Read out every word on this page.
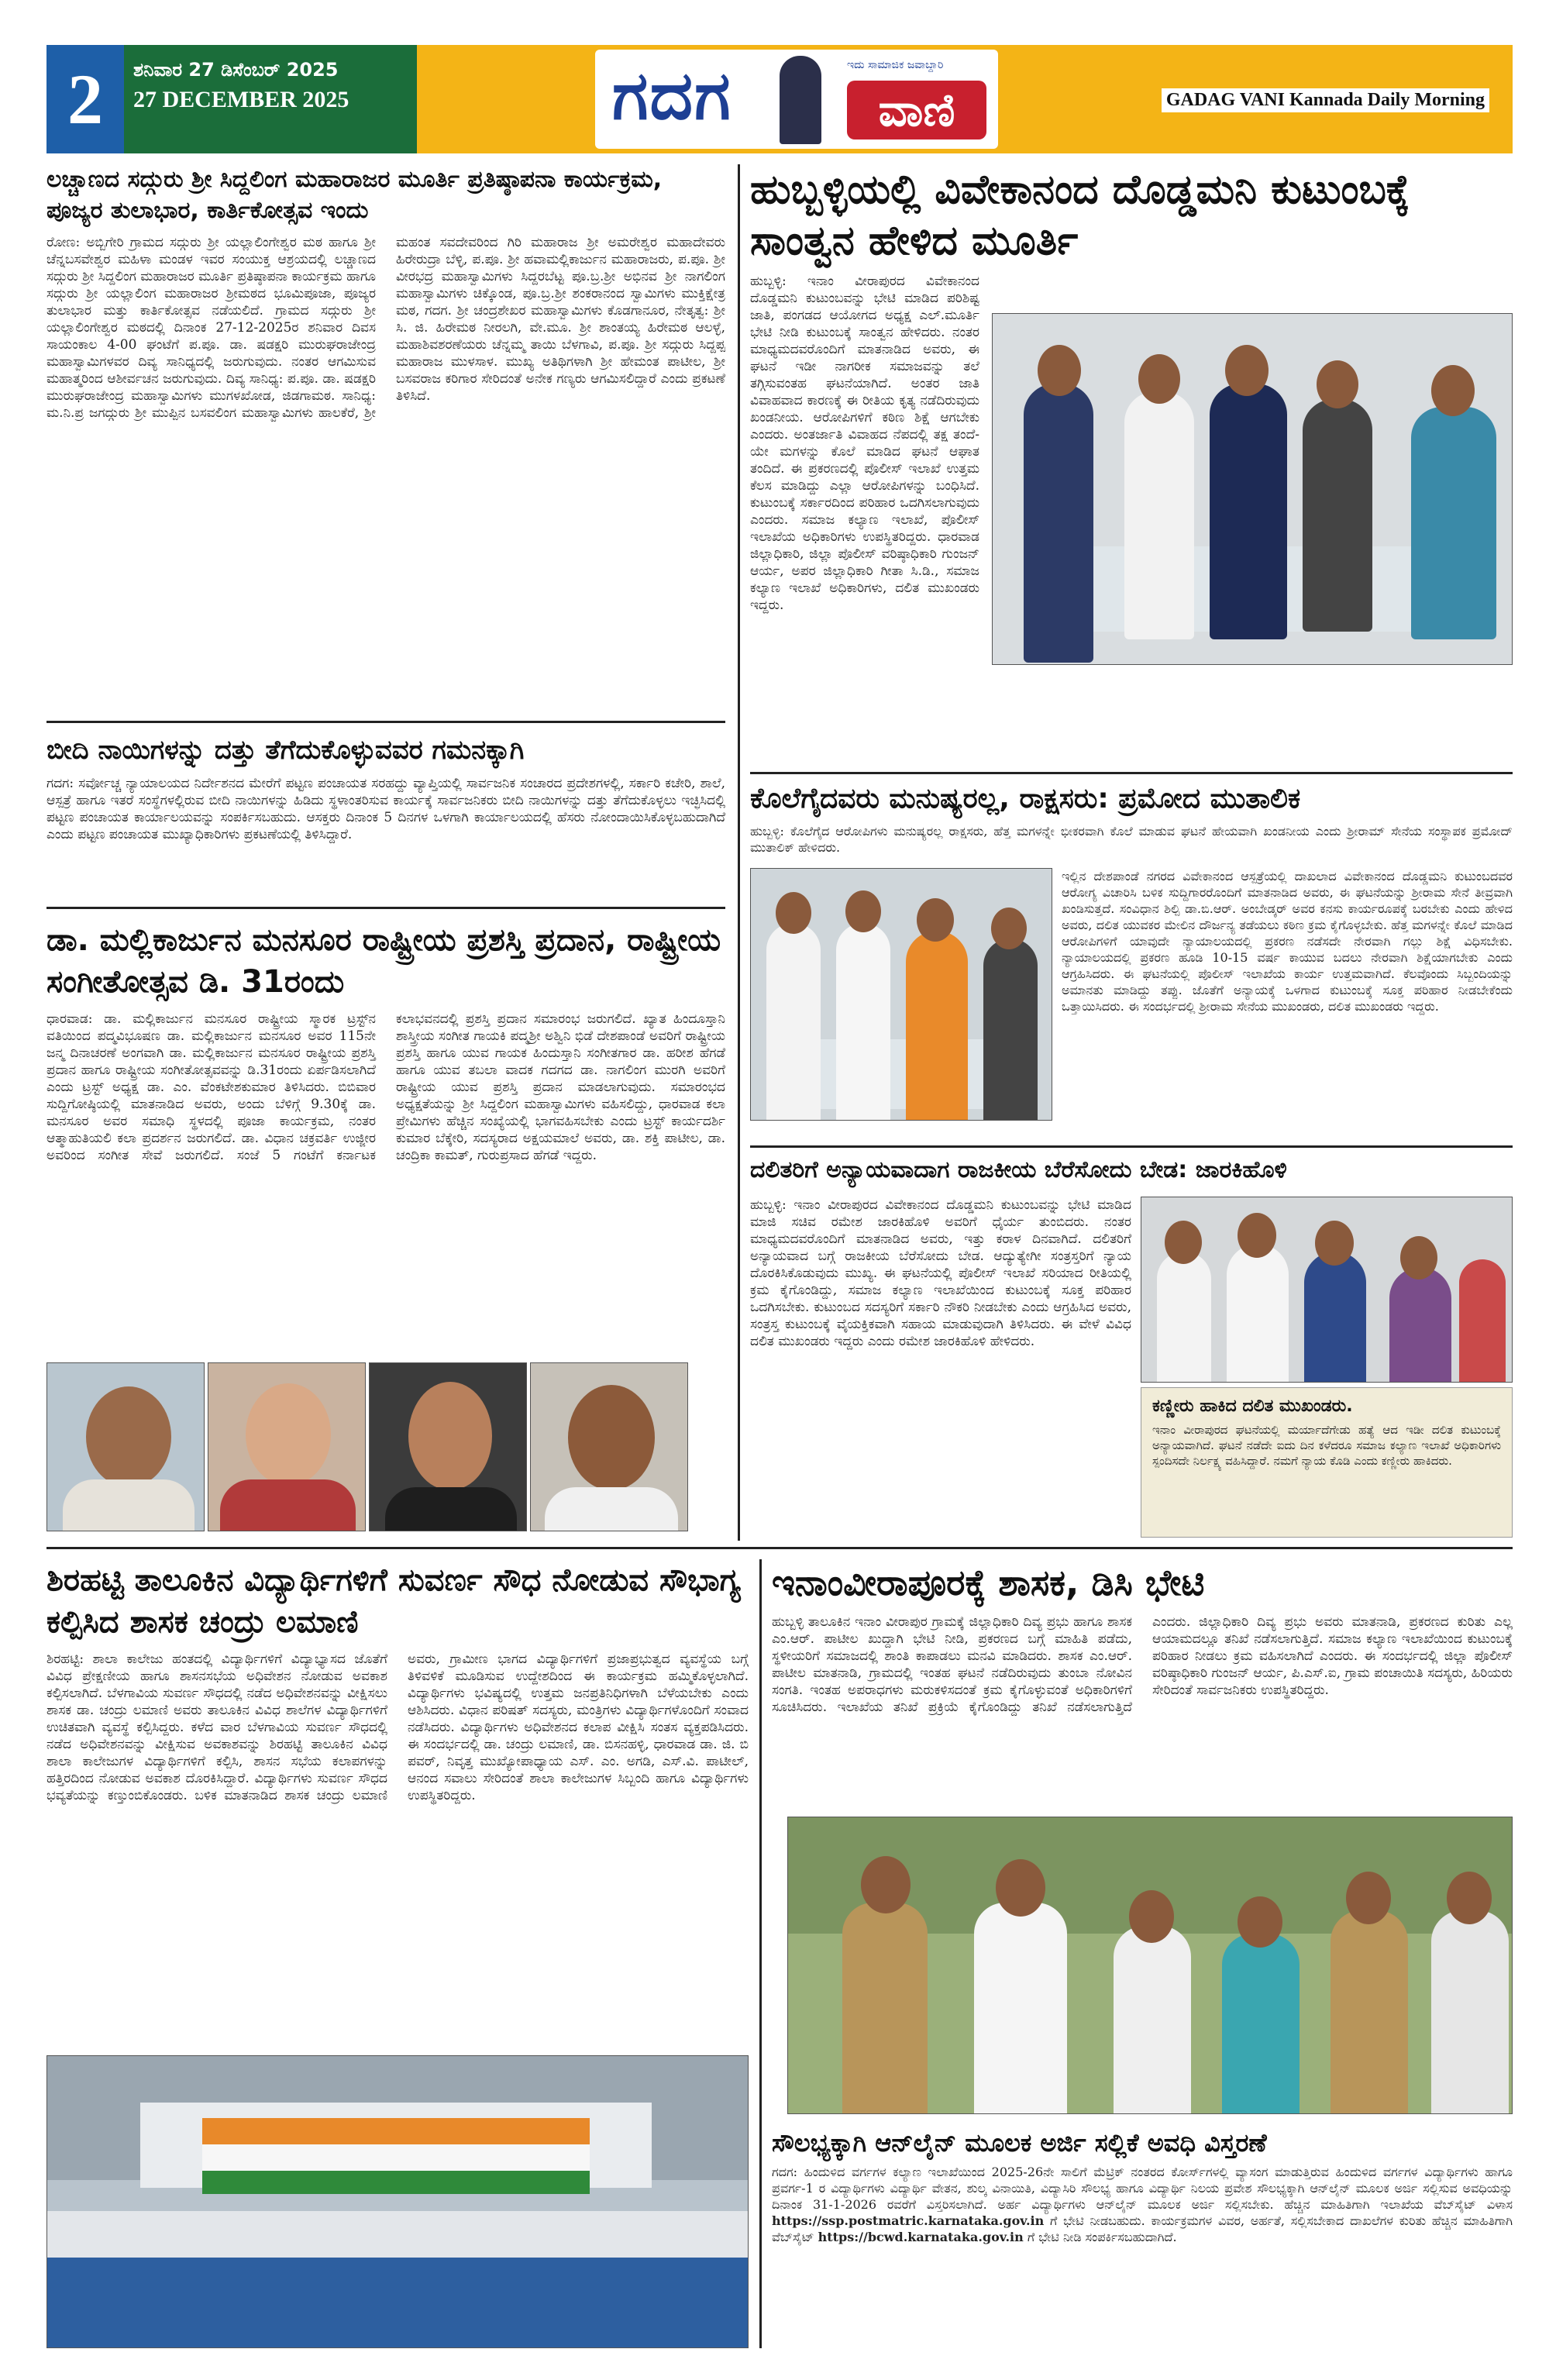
2	ಶನಿವಾರ 27 ಡಿಸೆಂಬರ್ 2025
27 DECEMBER 2025	ಗದಗ	ಇದು ಸಾಮಾಜಿಕ ಜವಾಬ್ದಾರಿ
ವಾಣಿ	GADAG VANI Kannada Daily Morning
ಲಚ್ಚಾಣದ ಸದ್ಗುರು ಶ್ರೀ ಸಿದ್ದಲಿಂಗ ಮಹಾರಾಜರ ಮೂರ್ತಿ ಪ್ರತಿಷ್ಠಾಪನಾ ಕಾರ್ಯಕ್ರಮ, ಪೂಜ್ಯರ ತುಲಾಭಾರ, ಕಾರ್ತಿಕೋತ್ಸವ ಇಂದು
ರೋಣ: ಅಬ್ಬಿಗೇರಿ ಗ್ರಾಮದ ಸದ್ಗುರು ಶ್ರೀ ಯಲ್ಲಾಲಿಂಗೇಶ್ವರ ಮಠ ಹಾಗೂ ಶ್ರೀ ಚೆನ್ನಬಸವೇಶ್ವರ ಮಹಿಳಾ ಮಂಡಳ ಇವರ ಸಂಯುಕ್ತ ಆಶ್ರಯದಲ್ಲಿ ಲಚ್ಚಾಣದ ಸದ್ಗುರು ಶ್ರೀ ಸಿದ್ದಲಿಂಗ ಮಹಾರಾಜರ ಮೂರ್ತಿ ಪ್ರತಿಷ್ಠಾಪನಾ ಕಾರ್ಯಕ್ರಮ ಹಾಗೂ ಸದ್ಗುರು ಶ್ರೀ ಯಲ್ಲಾಲಿಂಗ ಮಹಾರಾಜರ ಶ್ರೀಮಠದ ಭೂಮಿಪೂಜಾ, ಪೂಜ್ಯರ ತುಲಾಭಾರ ಮತ್ತು ಕಾರ್ತಿಕೋತ್ಸವ ನಡೆಯಲಿದೆ. ಗ್ರಾಮದ ಸದ್ಗುರು ಶ್ರೀ ಯಲ್ಲಾಲಿಂಗೇಶ್ವರ ಮಠದಲ್ಲಿ ದಿನಾಂಕ 27-12-2025ರ ಶನಿವಾರ ದಿವಸ ಸಾಯಂಕಾಲ 4-00 ಘಂಟೆಗೆ ಪ.ಪೂ. ಡಾ. ಷಡಕ್ಷರಿ ಮುರುಘರಾಜೇಂದ್ರ ಮಹಾಸ್ವಾಮಿಗಳವರ ದಿವ್ಯ ಸಾನಿಧ್ಯದಲ್ಲಿ ಜರುಗುವುದು. ನಂತರ ಆಗಮಿಸುವ ಮಹಾತ್ಮರಿಂದ ಆಶೀರ್ವಚನ ಜರುಗುವುದು. ದಿವ್ಯ ಸಾನಿಧ್ಯ: ಪ.ಪೂ. ಡಾ. ಷಡಕ್ಷರಿ ಮುರುಘರಾಜೇಂದ್ರ ಮಹಾಸ್ವಾಮಿಗಳು ಮುಗಳಖೋಡ, ಜಿಡಗಾಮಠ. ಸಾನಿಧ್ಯ: ಮ.ನಿ.ಪ್ರ ಜಗದ್ಗುರು ಶ್ರೀ ಮುಪ್ಪಿನ ಬಸವಲಿಂಗ ಮಹಾಸ್ವಾಮಿಗಳು ಹಾಲಕೆರೆ, ಶ್ರೀ ಮಹಂತ ಸವದೇವರಿಂದ ಗಿರಿ ಮಹಾರಾಜ ಶ್ರೀ ಅಮರೇಶ್ವರ ಮಹಾದೇವರು ಹಿರೇರುದ್ರಾ ಬೆಳ್ಳಿ, ಪ.ಪೂ. ಶ್ರೀ ಹವಾಮಲ್ಲಿಕಾರ್ಜುನ ಮಹಾರಾಜರು, ಪ.ಪೂ. ಶ್ರೀ ವೀರಭದ್ರ ಮಹಾಸ್ವಾಮಿಗಳು ಸಿದ್ದರಬೆಟ್ಟ ಪೂ.ಬ್ರ.ಶ್ರೀ ಅಭಿನವ ಶ್ರೀ ನಾಗಲಿಂಗ ಮಹಾಸ್ವಾಮಿಗಳು ಚಿಕ್ಕೊಂಡ, ಪೂ.ಬ್ರ.ಶ್ರೀ ಶಂಕರಾನಂದ ಸ್ವಾಮಿಗಳು ಮುಕ್ತಿಕ್ಷೇತ್ರ ಮಠ, ಗದಗ. ಶ್ರೀ ಚಂದ್ರಶೇಖರ ಮಹಾಸ್ವಾಮಿಗಳು ಕೊಡಗಾನೂರ, ನೇತೃತ್ವ: ಶ್ರೀ ಸಿ. ಜಿ. ಹಿರೇಮಠ ನೀರಲಗಿ, ವೇ.ಮೂ. ಶ್ರೀ ಶಾಂತಯ್ಯ ಹಿರೇಮಠ ಆಲಳ್ಳೆ, ಮಹಾಶಿವಶರಣೆಯರು ಚೆನ್ನಮ್ಮ ತಾಯಿ ಬೆಳಗಾವಿ, ಪ.ಪೂ. ಶ್ರೀ ಸದ್ಗುರು ಸಿದ್ದಪ್ಪ ಮಹಾರಾಜ ಮುಳಸಾಳ. ಮುಖ್ಯ ಅತಿಥಿಗಳಾಗಿ ಶ್ರೀ ಹೇಮಂತ ಪಾಟೀಲ, ಶ್ರೀ ಬಸವರಾಜ ಕರಿಗಾರ ಸೇರಿದಂತೆ ಅನೇಕ ಗಣ್ಯರು ಆಗಮಿಸಲಿದ್ದಾರೆ ಎಂದು ಪ್ರಕಟಣೆ ತಿಳಿಸಿದೆ.
ಬೀದಿ ನಾಯಿಗಳನ್ನು ದತ್ತು ತೆಗೆದುಕೊಳ್ಳುವವರ ಗಮನಕ್ಕಾಗಿ
ಗದಗ: ಸರ್ವೋಚ್ಚ ನ್ಯಾಯಾಲಯದ ನಿರ್ದೇಶನದ ಮೇರೆಗೆ ಪಟ್ಟಣ ಪಂಚಾಯತ ಸರಹದ್ದು ವ್ಯಾಪ್ತಿಯಲ್ಲಿ ಸಾರ್ವಜನಿಕ ಸಂಚಾರದ ಪ್ರದೇಶಗಳಲ್ಲಿ, ಸರ್ಕಾರಿ ಕಚೇರಿ, ಶಾಲೆ, ಆಸ್ಪತ್ರೆ ಹಾಗೂ ಇತರೆ ಸಂಸ್ಥೆಗಳಲ್ಲಿರುವ ಬೀದಿ ನಾಯಿಗಳನ್ನು ಹಿಡಿದು ಸ್ಥಳಾಂತರಿಸುವ ಕಾರ್ಯಕ್ಕೆ ಸಾರ್ವಜನಿಕರು ಬೀದಿ ನಾಯಿಗಳನ್ನು ದತ್ತು ತೆಗೆದುಕೊಳ್ಳಲು ಇಚ್ಛಿಸಿದಲ್ಲಿ ಪಟ್ಟಣ ಪಂಚಾಯತ ಕಾರ್ಯಾಲಯವನ್ನು ಸಂಪರ್ಕಿಸಬಹುದು. ಆಸಕ್ತರು ದಿನಾಂಕ 5 ದಿನಗಳ ಒಳಗಾಗಿ ಕಾರ್ಯಾಲಯದಲ್ಲಿ ಹೆಸರು ನೋಂದಾಯಿಸಿಕೊಳ್ಳಬಹುದಾಗಿದೆ ಎಂದು ಪಟ್ಟಣ ಪಂಚಾಯತ ಮುಖ್ಯಾಧಿಕಾರಿಗಳು ಪ್ರಕಟಣೆಯಲ್ಲಿ ತಿಳಿಸಿದ್ದಾರೆ.
ಡಾ. ಮಲ್ಲಿಕಾರ್ಜುನ ಮನಸೂರ ರಾಷ್ಟ್ರೀಯ ಪ್ರಶಸ್ತಿ ಪ್ರದಾನ, ರಾಷ್ಟ್ರೀಯ ಸಂಗೀತೋತ್ಸವ ಡಿ. 31ರಂದು
ಧಾರವಾಡ: ಡಾ. ಮಲ್ಲಿಕಾರ್ಜುನ ಮನಸೂರ ರಾಷ್ಟ್ರೀಯ ಸ್ಮಾರಕ ಟ್ರಸ್ಟ್‌ನ ವತಿಯಿಂದ ಪದ್ಮವಿಭೂಷಣ ಡಾ. ಮಲ್ಲಿಕಾರ್ಜುನ ಮನಸೂರ ಅವರ 115ನೇ ಜನ್ಮ ದಿನಾಚರಣೆ ಅಂಗವಾಗಿ ಡಾ. ಮಲ್ಲಿಕಾರ್ಜುನ ಮನಸೂರ ರಾಷ್ಟ್ರೀಯ ಪ್ರಶಸ್ತಿ ಪ್ರದಾನ ಹಾಗೂ ರಾಷ್ಟ್ರೀಯ ಸಂಗೀತೋತ್ಸವವನ್ನು ಡಿ.31ರಂದು ಏರ್ಪಡಿಸಲಾಗಿದೆ ಎಂದು ಟ್ರಸ್ಟ್ ಅಧ್ಯಕ್ಷ ಡಾ. ಎಂ. ವೆಂಕಟೇಶಕುಮಾರ ತಿಳಿಸಿದರು. ಬಿಬಿವಾರ ಸುದ್ದಿಗೋಷ್ಠಿಯಲ್ಲಿ ಮಾತನಾಡಿದ ಅವರು, ಅಂದು ಬೆಳಿಗ್ಗೆ 9.30ಕ್ಕೆ ಡಾ. ಮನಸೂರ ಅವರ ಸಮಾಧಿ ಸ್ಥಳದಲ್ಲಿ ಪೂಜಾ ಕಾರ್ಯಕ್ರಮ, ನಂತರ ಆತ್ಮಾಹುತಿಯಲಿ ಕಲಾ ಪ್ರದರ್ಶನ ಜರುಗಲಿದೆ. ಡಾ. ವಿಧಾನ ಚಕ್ರವರ್ತಿ ಉಜ್ಜೀರ ಅವರಿಂದ ಸಂಗೀತ ಸೇವೆ ಜರುಗಲಿದೆ. ಸಂಜೆ 5 ಗಂಟೆಗೆ ಕರ್ನಾಟಕ ಕಲಾಭವನದಲ್ಲಿ ಪ್ರಶಸ್ತಿ ಪ್ರದಾನ ಸಮಾರಂಭ ಜರುಗಲಿದೆ. ಖ್ಯಾತ ಹಿಂದೂಸ್ತಾನಿ ಶಾಸ್ತ್ರೀಯ ಸಂಗೀತ ಗಾಯಕಿ ಪದ್ಮಶ್ರೀ ಅಶ್ವಿನಿ ಭಿಡೆ ದೇಶಪಾಂಡೆ ಅವರಿಗೆ ರಾಷ್ಟ್ರೀಯ ಪ್ರಶಸ್ತಿ ಹಾಗೂ ಯುವ ಗಾಯಕ ಹಿಂದುಸ್ತಾನಿ ಸಂಗೀತಗಾರ ಡಾ. ಹರೀಶ ಹೆಗಡೆ ಹಾಗೂ ಯುವ ತಬಲಾ ವಾದಕ ಗದಗದ ಡಾ. ನಾಗಲಿಂಗ ಮುರಗಿ ಅವರಿಗೆ ರಾಷ್ಟ್ರೀಯ ಯುವ ಪ್ರಶಸ್ತಿ ಪ್ರದಾನ ಮಾಡಲಾಗುವುದು. ಸಮಾರಂಭದ ಅಧ್ಯಕ್ಷತೆಯನ್ನು ಶ್ರೀ ಸಿದ್ದಲಿಂಗ ಮಹಾಸ್ವಾಮಿಗಳು ವಹಿಸಲಿದ್ದು, ಧಾರವಾಡ ಕಲಾ ಪ್ರೇಮಿಗಳು ಹೆಚ್ಚಿನ ಸಂಖ್ಯೆಯಲ್ಲಿ ಭಾಗವಹಿಸಬೇಕು ಎಂದು ಟ್ರಸ್ಟ್ ಕಾರ್ಯದರ್ಶಿ ಕುಮಾರ ಬೆಕ್ಕೇರಿ, ಸದಸ್ಯರಾದ ಅಕ್ಷಯಮಾಲೆ ಅವರು, ಡಾ. ಶಕ್ತಿ ಪಾಟೀಲ, ಡಾ. ಚಂದ್ರಿಕಾ ಕಾಮತ್, ಗುರುಪ್ರಸಾದ ಹೆಗಡೆ ಇದ್ದರು.
ಹುಬ್ಬಳ್ಳಿಯಲ್ಲಿ ವಿವೇಕಾನಂದ ದೊಡ್ಡಮನಿ ಕುಟುಂಬಕ್ಕೆ ಸಾಂತ್ವನ ಹೇಳಿದ ಮೂರ್ತಿ
ಹುಬ್ಬಳ್ಳಿ: ಇನಾಂ ವೀರಾಪುರದ ವಿವೇಕಾನಂದ ದೊಡ್ಡಮನಿ ಕುಟುಂಬವನ್ನು ಭೇಟಿ ಮಾಡಿದ ಪರಿಶಿಷ್ಟ ಜಾತಿ, ಪಂಗಡದ ಆಯೋಗದ ಅಧ್ಯಕ್ಷ ಎಲ್.ಮೂರ್ತಿ ಭೇಟಿ ನೀಡಿ ಕುಟುಂಬಕ್ಕೆ ಸಾಂತ್ವನ ಹೇಳಿದರು. ನಂತರ ಮಾಧ್ಯಮದವರೊಂದಿಗೆ ಮಾತನಾಡಿದ ಅವರು, ಈ ಘಟನೆ ಇಡೀ ನಾಗರೀಕ ಸಮಾಜವನ್ನು ತಲೆ ತಗ್ಗಿಸುವಂತಹ ಘಟನೆಯಾಗಿದೆ. ಅಂತರ ಜಾತಿ ವಿವಾಹವಾದ ಕಾರಣಕ್ಕೆ ಈ ರೀತಿಯ ಕೃತ್ಯ ನಡೆದಿರುವುದು ಖಂಡನೀಯ. ಆರೋಪಿಗಳಿಗೆ ಕಠಿಣ ಶಿಕ್ಷೆ ಆಗಬೇಕು ಎಂದರು. ಅಂತರ್ಜಾತಿ ವಿವಾಹದ ನೆಪದಲ್ಲಿ ತಕ್ಷ ತಂದೆ-ಯೇ ಮಗಳನ್ನು ಕೊಲೆ ಮಾಡಿದ ಘಟನೆ ಆಘಾತ ತಂದಿದೆ. ಈ ಪ್ರಕರಣದಲ್ಲಿ ಪೊಲೀಸ್ ಇಲಾಖೆ ಉತ್ತಮ ಕೆಲಸ ಮಾಡಿದ್ದು ಎಲ್ಲಾ ಆರೋಪಿಗಳನ್ನು ಬಂಧಿಸಿದೆ. ಕುಟುಂಬಕ್ಕೆ ಸರ್ಕಾರದಿಂದ ಪರಿಹಾರ ಒದಗಿಸಲಾಗುವುದು ಎಂದರು. ಸಮಾಜ ಕಲ್ಯಾಣ ಇಲಾಖೆ, ಪೊಲೀಸ್ ಇಲಾಖೆಯ ಅಧಿಕಾರಿಗಳು ಉಪಸ್ಥಿತರಿದ್ದರು. ಧಾರವಾಡ ಜಿಲ್ಲಾಧಿಕಾರಿ, ಜಿಲ್ಲಾ ಪೊಲೀಸ್ ವರಿಷ್ಠಾಧಿಕಾರಿ ಗುಂಜನ್ ಆರ್ಯ, ಅಪರ ಜಿಲ್ಲಾಧಿಕಾರಿ ಗೀತಾ ಸಿ.ಡಿ., ಸಮಾಜ ಕಲ್ಯಾಣ ಇಲಾಖೆ ಅಧಿಕಾರಿಗಳು, ದಲಿತ ಮುಖಂಡರು ಇದ್ದರು.
ಕೊಲೆಗೈದವರು ಮನುಷ್ಯರಲ್ಲ, ರಾಕ್ಷಸರು: ಪ್ರಮೋದ ಮುತಾಲಿಕ
ಹುಬ್ಬಳ್ಳಿ: ಕೊಲೆಗೈದ ಆರೋಪಿಗಳು ಮನುಷ್ಯರಲ್ಲ ರಾಕ್ಷಸರು, ಹೆತ್ತ ಮಗಳನ್ನೇ ಭೀಕರವಾಗಿ ಕೊಲೆ ಮಾಡುವ ಘಟನೆ ಹೇಯವಾಗಿ ಖಂಡನೀಯ ಎಂದು ಶ್ರೀರಾಮ್ ಸೇನೆಯ ಸಂಸ್ಥಾಪಕ ಪ್ರಮೋದ್ ಮುತಾಲಿಕ್ ಹೇಳಿದರು.
ಇಲ್ಲಿನ ದೇಶಪಾಂಡೆ ನಗರದ ವಿವೇಕಾನಂದ ಆಸ್ಪತ್ರೆಯಲ್ಲಿ ದಾಖಲಾದ ವಿವೇಕಾನಂದ ದೊಡ್ಡಮನಿ ಕುಟುಂಬದವರ ಆರೋಗ್ಯ ವಿಚಾರಿಸಿ ಬಳಿಕ ಸುದ್ದಿಗಾರರೊಂದಿಗೆ ಮಾತನಾಡಿದ ಅವರು, ಈ ಘಟನೆಯನ್ನು ಶ್ರೀರಾಮ ಸೇನೆ ತೀವ್ರವಾಗಿ ಖಂಡಿಸುತ್ತದೆ. ಸಂವಿಧಾನ ಶಿಲ್ಪಿ ಡಾ.ಬಿ.ಆರ್. ಅಂಬೇಡ್ಕರ್ ಅವರ ಕನಸು ಕಾರ್ಯರೂಪಕ್ಕೆ ಬರಬೇಕು ಎಂದು ಹೇಳಿದ ಅವರು, ದಲಿತ ಯುವಕರ ಮೇಲಿನ ದೌರ್ಜನ್ಯ ತಡೆಯಲು ಕಠಿಣ ಕ್ರಮ ಕೈಗೊಳ್ಳಬೇಕು. ಹೆತ್ತ ಮಗಳನ್ನೇ ಕೊಲೆ ಮಾಡಿದ ಆರೋಪಿಗಳಿಗೆ ಯಾವುದೇ ನ್ಯಾಯಾಲಯದಲ್ಲಿ ಪ್ರಕರಣ ನಡೆಸದೇ ನೇರವಾಗಿ ಗಲ್ಲು ಶಿಕ್ಷೆ ವಿಧಿಸಬೇಕು. ನ್ಯಾಯಾಲಯದಲ್ಲಿ ಪ್ರಕರಣ ಹೂಡಿ 10-15 ವರ್ಷ ಕಾಯುವ ಬದಲು ನೇರವಾಗಿ ಶಿಕ್ಷೆಯಾಗಬೇಕು ಎಂದು ಆಗ್ರಹಿಸಿದರು. ಈ ಘಟನೆಯಲ್ಲಿ ಪೊಲೀಸ್ ಇಲಾಖೆಯ ಕಾರ್ಯ ಉತ್ತಮವಾಗಿದೆ. ಕೆಲವೊಂದು ಸಿಬ್ಬಂದಿಯನ್ನು ಅಮಾನತು ಮಾಡಿದ್ದು ತಪ್ಪು. ಜೊತೆಗೆ ಅನ್ಯಾಯಕ್ಕೆ ಒಳಗಾದ ಕುಟುಂಬಕ್ಕೆ ಸೂಕ್ತ ಪರಿಹಾರ ನೀಡಬೇಕೆಂದು ಒತ್ತಾಯಿಸಿದರು. ಈ ಸಂದರ್ಭದಲ್ಲಿ ಶ್ರೀರಾಮ ಸೇನೆಯ ಮುಖಂಡರು, ದಲಿತ ಮುಖಂಡರು ಇದ್ದರು.
ದಲಿತರಿಗೆ ಅನ್ಯಾಯವಾದಾಗ ರಾಜಕೀಯ ಬೆರೆಸೋದು ಬೇಡ: ಜಾರಕಿಹೊಳಿ
ಹುಬ್ಬಳ್ಳಿ: ಇನಾಂ ವೀರಾಪುರದ ವಿವೇಕಾನಂದ ದೊಡ್ಡಮನಿ ಕುಟುಂಬವನ್ನು ಭೇಟಿ ಮಾಡಿದ ಮಾಜಿ ಸಚಿವ ರಮೇಶ ಜಾರಕಿಹೊಳಿ ಅವರಿಗೆ ಧೈರ್ಯ ತುಂಬಿದರು. ನಂತರ ಮಾಧ್ಯಮದವರೊಂದಿಗೆ ಮಾತನಾಡಿದ ಅವರು, ಇತ್ತು ಕರಾಳ ದಿನವಾಗಿದೆ. ದಲಿತರಿಗೆ ಅನ್ಯಾಯವಾದ ಬಗ್ಗೆ ರಾಜಕೀಯ ಬೆರೆಸೋದು ಬೇಡ. ಆದ್ಯುತ್ಯೇಗೀ ಸಂತ್ರಸ್ತರಿಗೆ ನ್ಯಾಯ ದೊರಕಿಸಿಕೊಡುವುದು ಮುಖ್ಯ. ಈ ಘಟನೆಯಲ್ಲಿ ಪೊಲೀಸ್ ಇಲಾಖೆ ಸರಿಯಾದ ರೀತಿಯಲ್ಲಿ ಕ್ರಮ ಕೈಗೊಂಡಿದ್ದು, ಸಮಾಜ ಕಲ್ಯಾಣ ಇಲಾಖೆಯಿಂದ ಕುಟುಂಬಕ್ಕೆ ಸೂಕ್ತ ಪರಿಹಾರ ಒದಗಿಸಬೇಕು. ಕುಟುಂಬದ ಸದಸ್ಯರಿಗೆ ಸರ್ಕಾರಿ ನೌಕರಿ ನೀಡಬೇಕು ಎಂದು ಆಗ್ರಹಿಸಿದ ಅವರು, ಸಂತ್ರಸ್ತ ಕುಟುಂಬಕ್ಕೆ ವೈಯಕ್ತಿಕವಾಗಿ ಸಹಾಯ ಮಾಡುವುದಾಗಿ ತಿಳಿಸಿದರು. ಈ ವೇಳೆ ವಿವಿಧ ದಲಿತ ಮುಖಂಡರು ಇದ್ದರು ಎಂದು ರಮೇಶ ಜಾರಕಿಹೊಳಿ ಹೇಳಿದರು.
ಕಣ್ಣೀರು ಹಾಕಿದ ದಲಿತ ಮುಖಂಡರು.
ಇನಾಂ ವೀರಾಪುರದ ಘಟನೆಯಲ್ಲಿ ಮರ್ಯಾದೆಗೇಡು ಹತ್ಯೆ ಆದ ಇಡೀ ದಲಿತ ಕುಟುಂಬಕ್ಕೆ ಅನ್ಯಾಯವಾಗಿದೆ. ಘಟನೆ ನಡೆದೇ ಐದು ದಿನ ಕಳೆದರೂ ಸಮಾಜ ಕಲ್ಯಾಣ ಇಲಾಖೆ ಅಧಿಕಾರಿಗಳು ಸ್ಪಂದಿಸದೇ ನಿರ್ಲಕ್ಷ್ಯ ವಹಿಸಿದ್ದಾರೆ. ನಮಗೆ ನ್ಯಾಯ ಕೊಡಿ ಎಂದು ಕಣ್ಣೀರು ಹಾಕಿದರು.
ಶಿರಹಟ್ಟಿ ತಾಲೂಕಿನ ವಿದ್ಯಾರ್ಥಿಗಳಿಗೆ ಸುವರ್ಣ ಸೌಧ ನೋಡುವ ಸೌಭಾಗ್ಯ ಕಲ್ಪಿಸಿದ ಶಾಸಕ ಚಂದ್ರು ಲಮಾಣಿ
ಶಿರಹಟ್ಟಿ: ಶಾಲಾ ಕಾಲೇಜು ಹಂತದಲ್ಲಿ ವಿದ್ಯಾರ್ಥಿಗಳಿಗೆ ವಿದ್ಯಾಭ್ಯಾಸದ ಜೊತೆಗೆ ವಿವಿಧ ಪ್ರೇಕ್ಷಣೀಯ ಹಾಗೂ ಶಾಸನಸಭೆಯ ಅಧಿವೇಶನ ನೋಡುವ ಅವಕಾಶ ಕಲ್ಪಿಸಲಾಗಿದೆ. ಬೆಳಗಾವಿಯ ಸುವರ್ಣ ಸೌಧದಲ್ಲಿ ನಡೆದ ಅಧಿವೇಶನವನ್ನು ವೀಕ್ಷಿಸಲು ಶಾಸಕ ಡಾ. ಚಂದ್ರು ಲಮಾಣಿ ಅವರು ತಾಲೂಕಿನ ವಿವಿಧ ಶಾಲೆಗಳ ವಿದ್ಯಾರ್ಥಿಗಳಿಗೆ ಉಚಿತವಾಗಿ ವ್ಯವಸ್ಥೆ ಕಲ್ಪಿಸಿದ್ದರು. ಕಳೆದ ವಾರ ಬೆಳಗಾವಿಯ ಸುವರ್ಣ ಸೌಧದಲ್ಲಿ ನಡೆದ ಅಧಿವೇಶನವನ್ನು ವೀಕ್ಷಿಸುವ ಅವಕಾಶವನ್ನು ಶಿರಹಟ್ಟಿ ತಾಲೂಕಿನ ವಿವಿಧ ಶಾಲಾ ಕಾಲೇಜುಗಳ ವಿದ್ಯಾರ್ಥಿಗಳಿಗೆ ಕಲ್ಪಿಸಿ, ಶಾಸನ ಸಭೆಯ ಕಲಾಪಗಳನ್ನು ಹತ್ತಿರದಿಂದ ನೋಡುವ ಅವಕಾಶ ದೊರಕಿಸಿದ್ದಾರೆ. ವಿದ್ಯಾರ್ಥಿಗಳು ಸುವರ್ಣ ಸೌಧದ ಭವ್ಯತೆಯನ್ನು ಕಣ್ತುಂಬಿಕೊಂಡರು. ಬಳಿಕ ಮಾತನಾಡಿದ ಶಾಸಕ ಚಂದ್ರು ಲಮಾಣಿ ಅವರು, ಗ್ರಾಮೀಣ ಭಾಗದ ವಿದ್ಯಾರ್ಥಿಗಳಿಗೆ ಪ್ರಜಾಪ್ರಭುತ್ವದ ವ್ಯವಸ್ಥೆಯ ಬಗ್ಗೆ ತಿಳಿವಳಿಕೆ ಮೂಡಿಸುವ ಉದ್ದೇಶದಿಂದ ಈ ಕಾರ್ಯಕ್ರಮ ಹಮ್ಮಿಕೊಳ್ಳಲಾಗಿದೆ. ವಿದ್ಯಾರ್ಥಿಗಳು ಭವಿಷ್ಯದಲ್ಲಿ ಉತ್ತಮ ಜನಪ್ರತಿನಿಧಿಗಳಾಗಿ ಬೆಳೆಯಬೇಕು ಎಂದು ಆಶಿಸಿದರು. ವಿಧಾನ ಪರಿಷತ್ ಸದಸ್ಯರು, ಮಂತ್ರಿಗಳು ವಿದ್ಯಾರ್ಥಿಗಳೊಂದಿಗೆ ಸಂವಾದ ನಡೆಸಿದರು. ವಿದ್ಯಾರ್ಥಿಗಳು ಅಧಿವೇಶನದ ಕಲಾಪ ವೀಕ್ಷಿಸಿ ಸಂತಸ ವ್ಯಕ್ತಪಡಿಸಿದರು. ಈ ಸಂದರ್ಭದಲ್ಲಿ ಡಾ. ಚಂದ್ರು ಲಮಾಣಿ, ಡಾ. ಬಿಸನಹಳ್ಳಿ, ಧಾರವಾಡ ಡಾ. ಜಿ. ಬಿ ಪವರ್, ನಿವೃತ್ತ ಮುಖ್ಯೋಪಾಧ್ಯಾಯ ಎಸ್. ಎಂ. ಅಗಡಿ, ಎಸ್.ವಿ. ಪಾಟೀಲ್, ಆನಂದ ಸವಾಲು ಸೇರಿದಂತೆ ಶಾಲಾ ಕಾಲೇಜುಗಳ ಸಿಬ್ಬಂದಿ ಹಾಗೂ ವಿದ್ಯಾರ್ಥಿಗಳು ಉಪಸ್ಥಿತರಿದ್ದರು.
ಇನಾಂವೀರಾಪೂರಕ್ಕೆ ಶಾಸಕ, ಡಿಸಿ ಭೇಟಿ
ಹುಬ್ಬಳ್ಳಿ ತಾಲೂಕಿನ ಇನಾಂ ವೀರಾಪುರ ಗ್ರಾಮಕ್ಕೆ ಜಿಲ್ಲಾಧಿಕಾರಿ ದಿವ್ಯ ಪ್ರಭು ಹಾಗೂ ಶಾಸಕ ಎಂ.ಆರ್. ಪಾಟೀಲ ಖುದ್ದಾಗಿ ಭೇಟಿ ನೀಡಿ, ಪ್ರಕರಣದ ಬಗ್ಗೆ ಮಾಹಿತಿ ಪಡೆದು, ಸ್ಥಳೀಯರಿಗೆ ಸಮಾಜದಲ್ಲಿ ಶಾಂತಿ ಕಾಪಾಡಲು ಮನವಿ ಮಾಡಿದರು. ಶಾಸಕ ಎಂ.ಆರ್. ಪಾಟೀಲ ಮಾತನಾಡಿ, ಗ್ರಾಮದಲ್ಲಿ ಇಂತಹ ಘಟನೆ ನಡೆದಿರುವುದು ತುಂಬಾ ನೋವಿನ ಸಂಗತಿ. ಇಂತಹ ಅಪರಾಧಗಳು ಮರುಕಳಿಸದಂತೆ ಕ್ರಮ ಕೈಗೊಳ್ಳುವಂತೆ ಅಧಿಕಾರಿಗಳಿಗೆ ಸೂಚಿಸಿದರು. ಇಲಾಖೆಯ ತನಿಖೆ ಪ್ರಕ್ರಿಯೆ ಕೈಗೊಂಡಿದ್ದು ತನಿಖೆ ನಡೆಸಲಾಗುತ್ತಿದೆ ಎಂದರು. ಜಿಲ್ಲಾಧಿಕಾರಿ ದಿವ್ಯ ಪ್ರಭು ಅವರು ಮಾತನಾಡಿ, ಪ್ರಕರಣದ ಕುರಿತು ಎಲ್ಲ ಆಯಾಮದಲ್ಲೂ ತನಿಖೆ ನಡೆಸಲಾಗುತ್ತಿದೆ. ಸಮಾಜ ಕಲ್ಯಾಣ ಇಲಾಖೆಯಿಂದ ಕುಟುಂಬಕ್ಕೆ ಪರಿಹಾರ ನೀಡಲು ಕ್ರಮ ವಹಿಸಲಾಗಿದೆ ಎಂದರು. ಈ ಸಂದರ್ಭದಲ್ಲಿ ಜಿಲ್ಲಾ ಪೊಲೀಸ್ ವರಿಷ್ಠಾಧಿಕಾರಿ ಗುಂಜನ್ ಆರ್ಯ, ಪಿ.ಎಸ್.ಐ, ಗ್ರಾಮ ಪಂಚಾಯಿತಿ ಸದಸ್ಯರು, ಹಿರಿಯರು ಸೇರಿದಂತೆ ಸಾರ್ವಜನಿಕರು ಉಪಸ್ಥಿತರಿದ್ದರು.
ಸೌಲಭ್ಯಕ್ಕಾಗಿ ಆನ್‌ಲೈನ್ ಮೂಲಕ ಅರ್ಜಿ ಸಲ್ಲಿಕೆ ಅವಧಿ ವಿಸ್ತರಣೆ
ಗದಗ: ಹಿಂದುಳಿದ ವರ್ಗಗಳ ಕಲ್ಯಾಣ ಇಲಾಖೆಯಿಂದ 2025-26ನೇ ಸಾಲಿಗೆ ಮೆಟ್ರಿಕ್ ನಂತರದ ಕೋರ್ಸ್‌ಗಳಲ್ಲಿ ವ್ಯಾಸಂಗ ಮಾಡುತ್ತಿರುವ ಹಿಂದುಳಿದ ವರ್ಗಗಳ ವಿದ್ಯಾರ್ಥಿಗಳು ಹಾಗೂ ಪ್ರವರ್ಗ-1 ರ ವಿದ್ಯಾರ್ಥಿಗಳು ವಿದ್ಯಾರ್ಥಿ ವೇತನ, ಶುಲ್ಕ ವಿನಾಯಿತಿ, ವಿದ್ಯಾಸಿರಿ ಸೌಲಭ್ಯ ಹಾಗೂ ವಿದ್ಯಾರ್ಥಿ ನಿಲಯ ಪ್ರವೇಶ ಸೌಲಭ್ಯಕ್ಕಾಗಿ ಆನ್‌ಲೈನ್ ಮೂಲಕ ಅರ್ಜಿ ಸಲ್ಲಿಸುವ ಅವಧಿಯನ್ನು ದಿನಾಂಕ 31-1-2026 ರವರೆಗೆ ವಿಸ್ತರಿಸಲಾಗಿದೆ. ಅರ್ಹ ವಿದ್ಯಾರ್ಥಿಗಳು ಆನ್‌ಲೈನ್ ಮೂಲಕ ಅರ್ಜಿ ಸಲ್ಲಿಸಬೇಕು. ಹೆಚ್ಚಿನ ಮಾಹಿತಿಗಾಗಿ ಇಲಾಖೆಯ ವೆಬ್‌ಸೈಟ್ ವಿಳಾಸ https://ssp.postmatric.karnataka.gov.in ಗೆ ಭೇಟಿ ನೀಡಬಹುದು. ಕಾರ್ಯಕ್ರಮಗಳ ವಿವರ, ಅರ್ಹತೆ, ಸಲ್ಲಿಸಬೇಕಾದ ದಾಖಲೆಗಳ ಕುರಿತು ಹೆಚ್ಚಿನ ಮಾಹಿತಿಗಾಗಿ ವೆಬ್‌ಸೈಟ್ https://bcwd.karnataka.gov.in ಗೆ ಭೇಟಿ ನೀಡಿ ಸಂಪರ್ಕಿಸಬಹುದಾಗಿದೆ.
